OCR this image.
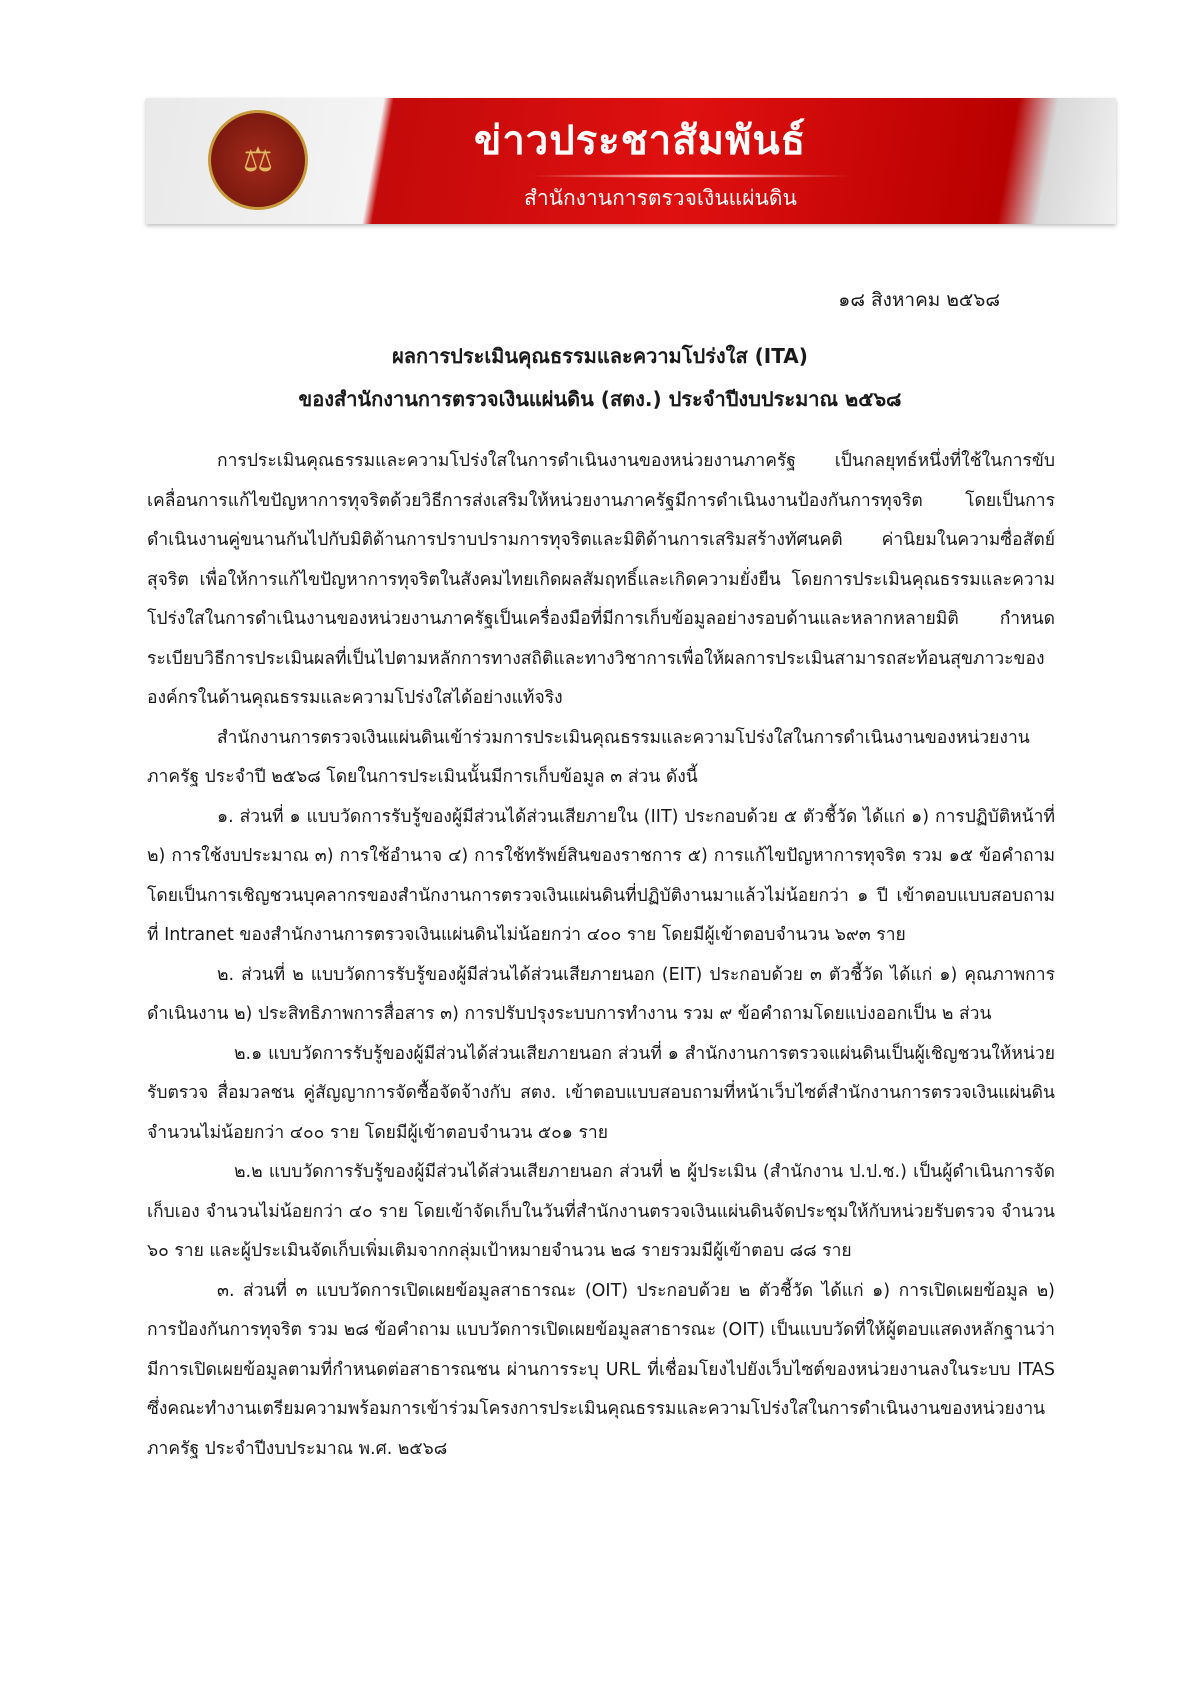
⚖	ข่าวประชาสัมพันธ์
สำนักงานการตรวจเงินแผ่นดิน
๑๘ สิงหาคม ๒๕๖๘
ผลการประเมินคุณธรรมและความโปร่งใส (ITA)
ของสำนักงานการตรวจเงินแผ่นดิน (สตง.) ประจำปีงบประมาณ ๒๕๖๘

การประเมินคุณธรรมและความโปร่งใสในการดำเนินงานของหน่วยงานภาครัฐ เป็นกลยุทธ์หนึ่งที่ใช้ในการขับเคลื่อนการแก้ไขปัญหาการทุจริตด้วยวิธีการส่งเสริมให้หน่วยงานภาครัฐมีการดำเนินงานป้องกันการทุจริต โดยเป็นการดำเนินงานคู่ขนานกันไปกับมิติด้านการปราบปรามการทุจริตและมิติด้านการเสริมสร้างทัศนคติ ค่านิยมในความซื่อสัตย์สุจริต เพื่อให้การแก้ไขปัญหาการทุจริตในสังคมไทยเกิดผลสัมฤทธิ์และเกิดความยั่งยืน โดยการประเมินคุณธรรมและความโปร่งใสในการดำเนินงานของหน่วยงานภาครัฐเป็นเครื่องมือที่มีการเก็บข้อมูลอย่างรอบด้านและหลากหลายมิติ กำหนดระเบียบวิธีการประเมินผลที่เป็นไปตามหลักการทางสถิติและทางวิชาการเพื่อให้ผลการประเมินสามารถสะท้อนสุขภาวะขององค์กรในด้านคุณธรรมและความโปร่งใสได้อย่างแท้จริง

สำนักงานการตรวจเงินแผ่นดินเข้าร่วมการประเมินคุณธรรมและความโปร่งใสในการดำเนินงานของหน่วยงานภาครัฐ ประจำปี ๒๕๖๘ โดยในการประเมินนั้นมีการเก็บข้อมูล ๓ ส่วน ดังนี้

๑. ส่วนที่ ๑ แบบวัดการรับรู้ของผู้มีส่วนได้ส่วนเสียภายใน (IIT) ประกอบด้วย ๕ ตัวชี้วัด ได้แก่ ๑) การปฏิบัติหน้าที่ ๒) การใช้งบประมาณ ๓) การใช้อำนาจ ๔) การใช้ทรัพย์สินของราชการ ๕) การแก้ไขปัญหาการทุจริต รวม ๑๕ ข้อคำถาม โดยเป็นการเชิญชวนบุคลากรของสำนักงานการตรวจเงินแผ่นดินที่ปฏิบัติงานมาแล้วไม่น้อยกว่า ๑ ปี เข้าตอบแบบสอบถามที่ Intranet ของสำนักงานการตรวจเงินแผ่นดินไม่น้อยกว่า ๔๐๐ ราย โดยมีผู้เข้าตอบจำนวน ๖๙๓ ราย

๒. ส่วนที่ ๒ แบบวัดการรับรู้ของผู้มีส่วนได้ส่วนเสียภายนอก (EIT) ประกอบด้วย ๓ ตัวชี้วัด ได้แก่ ๑) คุณภาพการดำเนินงาน ๒) ประสิทธิภาพการสื่อสาร ๓) การปรับปรุงระบบการทำงาน รวม ๙ ข้อคำถามโดยแบ่งออกเป็น ๒ ส่วน

๒.๑ แบบวัดการรับรู้ของผู้มีส่วนได้ส่วนเสียภายนอก ส่วนที่ ๑ สำนักงานการตรวจแผ่นดินเป็นผู้เชิญชวนให้หน่วยรับตรวจ สื่อมวลชน คู่สัญญาการจัดซื้อจัดจ้างกับ สตง. เข้าตอบแบบสอบถามที่หน้าเว็บไซต์สำนักงานการตรวจเงินแผ่นดิน จำนวนไม่น้อยกว่า ๔๐๐ ราย โดยมีผู้เข้าตอบจำนวน ๕๐๑ ราย

๒.๒ แบบวัดการรับรู้ของผู้มีส่วนได้ส่วนเสียภายนอก ส่วนที่ ๒ ผู้ประเมิน (สำนักงาน ป.ป.ช.) เป็นผู้ดำเนินการจัดเก็บเอง จำนวนไม่น้อยกว่า ๔๐ ราย โดยเข้าจัดเก็บในวันที่สำนักงานตรวจเงินแผ่นดินจัดประชุมให้กับหน่วยรับตรวจ จำนวน ๖๐ ราย และผู้ประเมินจัดเก็บเพิ่มเติมจากกลุ่มเป้าหมายจำนวน ๒๘ รายรวมมีผู้เข้าตอบ ๘๘ ราย

๓. ส่วนที่ ๓ แบบวัดการเปิดเผยข้อมูลสาธารณะ (OIT) ประกอบด้วย ๒ ตัวชี้วัด ได้แก่ ๑) การเปิดเผยข้อมูล ๒) การป้องกันการทุจริต รวม ๒๘ ข้อคำถาม แบบวัดการเปิดเผยข้อมูลสาธารณะ (OIT) เป็นแบบวัดที่ให้ผู้ตอบแสดงหลักฐานว่ามีการเปิดเผยข้อมูลตามที่กำหนดต่อสาธารณชน ผ่านการระบุ URL ที่เชื่อมโยงไปยังเว็บไซต์ของหน่วยงานลงในระบบ ITAS ซึ่งคณะทำงานเตรียมความพร้อมการเข้าร่วมโครงการประเมินคุณธรรมและความโปร่งใสในการดำเนินงานของหน่วยงานภาครัฐ ประจำปีงบประมาณ พ.ศ. ๒๕๖๘
